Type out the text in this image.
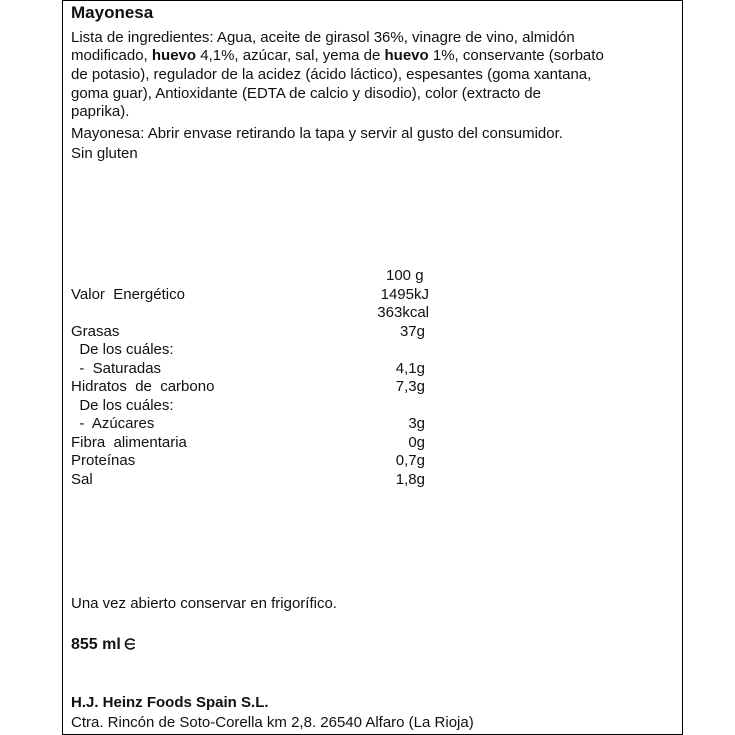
Mayonesa
Lista de ingredientes: Agua, aceite de girasol 36%, vinagre de vino, almidón
modificado, huevo 4,1%, azúcar, sal, yema de huevo 1%, conservante (sorbato
de potasio), regulador de la acidez (ácido láctico), espesantes (goma xantana,
goma guar), Antioxidante (EDTA de calcio y disodio), color (extracto de
paprika).
Mayonesa: Abrir envase retirando la tapa y servir al gusto del consumidor.
Sin gluten
100 g
Valor  Energético	1495kJ
363kcal
Grasas	37g
De los cuáles:
-  Saturadas	4,1g
Hidratos  de  carbono	7,3g
De los cuáles:
-  Azúcares	3g
Fibra  alimentaria	0g
Proteínas	0,7g
Sal	1,8g
Una vez abierto conservar en frigorífico.
855 ml
H.J. Heinz Foods Spain S.L.
Ctra. Rincón de Soto-Corella km 2,8. 26540 Alfaro (La Rioja)
